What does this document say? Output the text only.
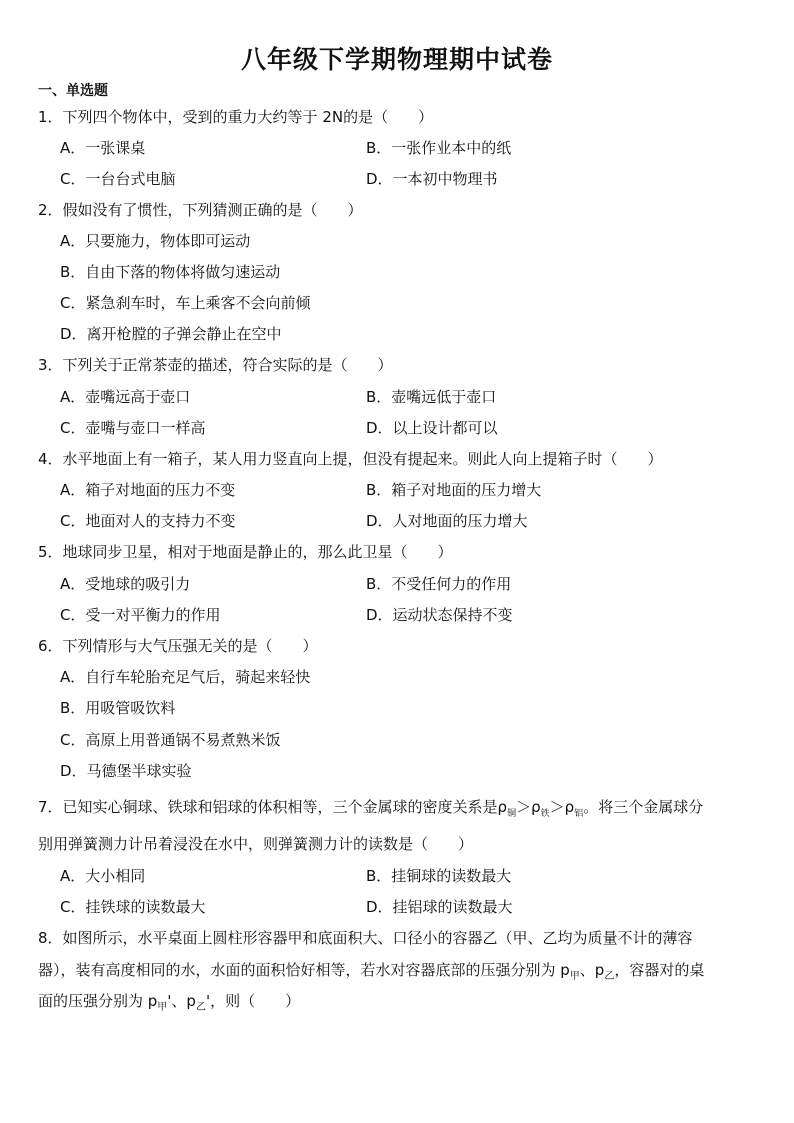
八年级下学期物理期中试卷
一、单选题
1．下列四个物体中，受到的重力大约等于 2N的是（　　）
A．一张课桌	B．一张作业本中的纸
C．一台台式电脑	D．一本初中物理书
2．假如没有了惯性，下列猜测正确的是（　　）
A．只要施力，物体即可运动
B．自由下落的物体将做匀速运动
C．紧急刹车时，车上乘客不会向前倾
D．离开枪膛的子弹会静止在空中
3．下列关于正常茶壶的描述，符合实际的是（　　）
A．壶嘴远高于壶口	B．壶嘴远低于壶口
C．壶嘴与壶口一样高	D．以上设计都可以
4．水平地面上有一箱子，某人用力竖直向上提，但没有提起来。则此人向上提箱子时（　　）
A．箱子对地面的压力不变	B．箱子对地面的压力增大
C．地面对人的支持力不变	D．人对地面的压力增大
5．地球同步卫星，相对于地面是静止的，那么此卫星（　　）
A．受地球的吸引力	B．不受任何力的作用
C．受一对平衡力的作用	D．运动状态保持不变
6．下列情形与大气压强无关的是（　　）
A．自行车轮胎充足气后，骑起来轻快
B．用吸管吸饮料
C．高原上用普通锅不易煮熟米饭
D．马德堡半球实验
7．已知实心铜球、铁球和铝球的体积相等，三个金属球的密度关系是$\rho_铜>\rho_铁>\rho_铝$。将三个金属球分
别用弹簧测力计吊着浸没在水中，则弹簧测力计的读数是（　　）
A．大小相同	B．挂铜球的读数最大
C．挂铁球的读数最大	D．挂铝球的读数最大
8．如图所示，水平桌面上圆柱形容器甲和底面积大、口径小的容器乙（甲、乙均为质量不计的薄容
器），装有高度相同的水，水面的面积恰好相等，若水对容器底部的压强分别为 $p_甲$、$p_乙$，容器对的桌
面的压强分别为 $p_甲'$、$p_乙'$，则（　　）
